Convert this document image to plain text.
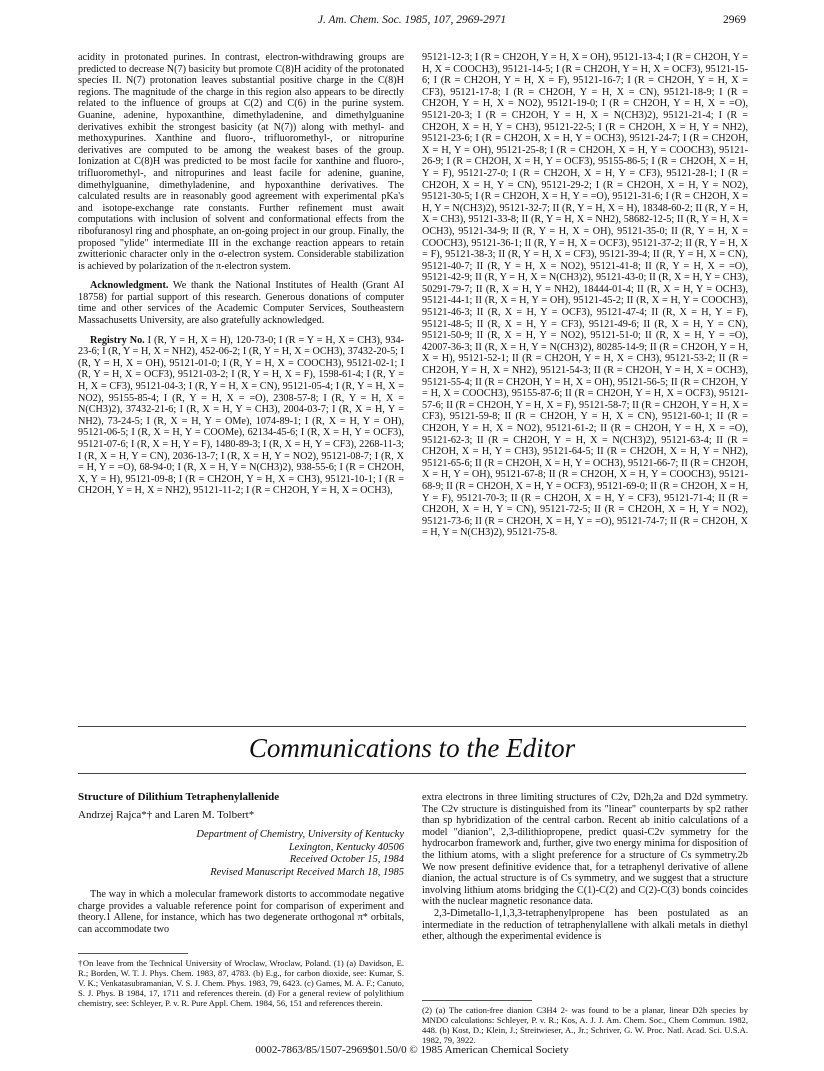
J. Am. Chem. Soc. 1985, 107, 2969-2971	2969

acidity in protonated purines. In contrast, electron-withdrawing groups are predicted to decrease N(7) basicity but promote C(8)H acidity of the protonated species II. N(7) protonation leaves substantial positive charge in the C(8)H regions. The magnitude of the charge in this region also appears to be directly related to the influence of groups at C(2) and C(6) in the purine system. Guanine, adenine, hypoxanthine, dimethyladenine, and dimethylguanine derivatives exhibit the strongest basicity (at N(7)) along with methyl- and methoxypurines. Xanthine and fluoro-, trifluoromethyl-, or nitropurine derivatives are computed to be among the weakest bases of the group. Ionization at C(8)H was predicted to be most facile for xanthine and fluoro-, trifluoromethyl-, and nitropurines and least facile for adenine, guanine, dimethylguanine, dimethyladenine, and hypoxanthine derivatives. The calculated results are in reasonably good agreement with experimental pKa's and isotope-exchange rate constants. Further refinement must await computations with inclusion of solvent and conformational effects from the ribofuranosyl ring and phosphate, an on-going project in our group. Finally, the proposed "ylide" intermediate III in the exchange reaction appears to retain zwitterionic character only in the σ-electron system. Considerable stabilization is achieved by polarization of the π-electron system.

Acknowledgment. We thank the National Institutes of Health (Grant AI 18758) for partial support of this research. Generous donations of computer time and other services of the Academic Computer Services, Southeastern Massachusetts University, are also gratefully acknowledged.

Registry No. I (R, Y = H, X = H), 120-73-0; I (R = Y = H, X = CH3), 934-23-6; I (R, Y = H, X = NH2), 452-06-2; I (R, Y = H, X = OCH3), 37432-20-5; I (R, Y = H, X = OH), 95121-01-0; I (R, Y = H, X = COOCH3), 95121-02-1; I (R, Y = H, X = OCF3), 95121-03-2; I (R, Y = H, X = F), 1598-61-4; I (R, Y = H, X = CF3), 95121-04-3; I (R, Y = H, X = CN), 95121-05-4; I (R, Y = H, X = NO2), 95155-85-4; I (R, Y = H, X = =O), 2308-57-8; I (R, Y = H, X = N(CH3)2), 37432-21-6; I (R, X = H, Y = CH3), 2004-03-7; I (R, X = H, Y = NH2), 73-24-5; I (R, X = H, Y = OMe), 1074-89-1; I (R, X = H, Y = OH), 95121-06-5; I (R, X = H, Y = COOMe), 62134-45-6; I (R, X = H, Y = OCF3), 95121-07-6; I (R, X = H, Y = F), 1480-89-3; I (R, X = H, Y = CF3), 2268-11-3; I (R, X = H, Y = CN), 2036-13-7; I (R, X = H, Y = NO2), 95121-08-7; I (R, X = H, Y = =O), 68-94-0; I (R, X = H, Y = N(CH3)2), 938-55-6; I (R = CH2OH, X, Y = H), 95121-09-8; I (R = CH2OH, Y = H, X = CH3), 95121-10-1; I (R = CH2OH, Y = H, X = NH2), 95121-11-2; I (R = CH2OH, Y = H, X = OCH3),

95121-12-3; I (R = CH2OH, Y = H, X = OH), 95121-13-4; I (R = CH2OH, Y = H, X = COOCH3), 95121-14-5; I (R = CH2OH, Y = H, X = OCF3), 95121-15-6; I (R = CH2OH, Y = H, X = F), 95121-16-7; I (R = CH2OH, Y = H, X = CF3), 95121-17-8; I (R = CH2OH, Y = H, X = CN), 95121-18-9; I (R = CH2OH, Y = H, X = NO2), 95121-19-0; I (R = CH2OH, Y = H, X = =O), 95121-20-3; I (R = CH2OH, Y = H, X = N(CH3)2), 95121-21-4; I (R = CH2OH, X = H, Y = CH3), 95121-22-5; I (R = CH2OH, X = H, Y = NH2), 95121-23-6; I (R = CH2OH, X = H, Y = OCH3), 95121-24-7; I (R = CH2OH, X = H, Y = OH), 95121-25-8; I (R = CH2OH, X = H, Y = COOCH3), 95121-26-9; I (R = CH2OH, X = H, Y = OCF3), 95155-86-5; I (R = CH2OH, X = H, Y = F), 95121-27-0; I (R = CH2OH, X = H, Y = CF3), 95121-28-1; I (R = CH2OH, X = H, Y = CN), 95121-29-2; I (R = CH2OH, X = H, Y = NO2), 95121-30-5; I (R = CH2OH, X = H, Y = =O), 95121-31-6; I (R = CH2OH, X = H, Y = N(CH3)2), 95121-32-7; II (R, Y = H, X = H), 18348-60-2; II (R, Y = H, X = CH3), 95121-33-8; II (R, Y = H, X = NH2), 58682-12-5; II (R, Y = H, X = OCH3), 95121-34-9; II (R, Y = H, X = OH), 95121-35-0; II (R, Y = H, X = COOCH3), 95121-36-1; II (R, Y = H, X = OCF3), 95121-37-2; II (R, Y = H, X = F), 95121-38-3; II (R, Y = H, X = CF3), 95121-39-4; II (R, Y = H, X = CN), 95121-40-7; II (R, Y = H, X = NO2), 95121-41-8; II (R, Y = H, X = =O), 95121-42-9; II (R, Y = H, X = N(CH3)2), 95121-43-0; II (R, X = H, Y = CH3), 50291-79-7; II (R, X = H, Y = NH2), 18444-01-4; II (R, X = H, Y = OCH3), 95121-44-1; II (R, X = H, Y = OH), 95121-45-2; II (R, X = H, Y = COOCH3), 95121-46-3; II (R, X = H, Y = OCF3), 95121-47-4; II (R, X = H, Y = F), 95121-48-5; II (R, X = H, Y = CF3), 95121-49-6; II (R, X = H, Y = CN), 95121-50-9; II (R, X = H, Y = NO2), 95121-51-0; II (R, X = H, Y = =O), 42007-36-3; II (R, X = H, Y = N(CH3)2), 80285-14-9; II (R = CH2OH, Y = H, X = H), 95121-52-1; II (R = CH2OH, Y = H, X = CH3), 95121-53-2; II (R = CH2OH, Y = H, X = NH2), 95121-54-3; II (R = CH2OH, Y = H, X = OCH3), 95121-55-4; II (R = CH2OH, Y = H, X = OH), 95121-56-5; II (R = CH2OH, Y = H, X = COOCH3), 95155-87-6; II (R = CH2OH, Y = H, X = OCF3), 95121-57-6; II (R = CH2OH, Y = H, X = F), 95121-58-7; II (R = CH2OH, Y = H, X = CF3), 95121-59-8; II (R = CH2OH, Y = H, X = CN), 95121-60-1; II (R = CH2OH, Y = H, X = NO2), 95121-61-2; II (R = CH2OH, Y = H, X = =O), 95121-62-3; II (R = CH2OH, Y = H, X = N(CH3)2), 95121-63-4; II (R = CH2OH, X = H, Y = CH3), 95121-64-5; II (R = CH2OH, X = H, Y = NH2), 95121-65-6; II (R = CH2OH, X = H, Y = OCH3), 95121-66-7; II (R = CH2OH, X = H, Y = OH), 95121-67-8; II (R = CH2OH, X = H, Y = COOCH3), 95121-68-9; II (R = CH2OH, X = H, Y = OCF3), 95121-69-0; II (R = CH2OH, X = H, Y = F), 95121-70-3; II (R = CH2OH, X = H, Y = CF3), 95121-71-4; II (R = CH2OH, X = H, Y = CN), 95121-72-5; II (R = CH2OH, X = H, Y = NO2), 95121-73-6; II (R = CH2OH, X = H, Y = =O), 95121-74-7; II (R = CH2OH, X = H, Y = N(CH3)2), 95121-75-8.

Communications to the Editor
Structure of Dilithium Tetraphenylallenide
Andrzej Rajca*† and Laren M. Tolbert*
Department of Chemistry, University of Kentucky
Lexington, Kentucky 40506
Received October 15, 1984
Revised Manuscript Received March 18, 1985

The way in which a molecular framework distorts to accommodate negative charge provides a valuable reference point for comparison of experiment and theory.1 Allene, for instance, which has two degenerate orthogonal π* orbitals, can accommodate two

extra electrons in three limiting structures of C2v, D2h,2a and D2d symmetry. The C2v structure is distinguished from its "linear" counterparts by sp2 rather than sp hybridization of the central carbon. Recent ab initio calculations of a model "dianion", 2,3-dilithiopropene, predict quasi-C2v symmetry for the hydrocarbon framework and, further, give two energy minima for disposition of the lithium atoms, with a slight preference for a structure of Cs symmetry.2b We now present definitive evidence that, for a tetraphenyl derivative of allene dianion, the actual structure is of Cs symmetry, and we suggest that a structure involving lithium atoms bridging the C(1)-C(2) and C(2)-C(3) bonds coincides with the nuclear magnetic resonance data.

2,3-Dimetallo-1,1,3,3-tetraphenylpropene has been postulated as an intermediate in the reduction of tetraphenylallene with alkali metals in diethyl ether, although the experimental evidence is

†On leave from the Technical University of Wroclaw, Wroclaw, Poland. (1) (a) Davidson, E. R.; Borden, W. T. J. Phys. Chem. 1983, 87, 4783. (b) E.g., for carbon dioxide, see: Kumar, S. V. K.; Venkatasubramanian, V. S. J. Chem. Phys. 1983, 79, 6423. (c) Games, M. A. F.; Canuto, S. J. Phys. B 1984, 17, 1711 and references therein. (d) For a general review of polylithium chemistry, see: Schleyer, P. v. R. Pure Appl. Chem. 1984, 56, 151 and references therein.
(2) (a) The cation-free dianion C3H4 2- was found to be a planar, linear D2h species by MNDO calculations: Schleyer, P. v. R.; Kos, A. J. J. Am. Chem. Soc., Chem Commun. 1982, 448. (b) Kost, D.; Klein, J.; Streitwieser, A., Jr.; Schriver, G. W. Proc. Natl. Acad. Sci. U.S.A. 1982, 79, 3922.
0002-7863/85/1507-2969$01.50/0 © 1985 American Chemical Society
